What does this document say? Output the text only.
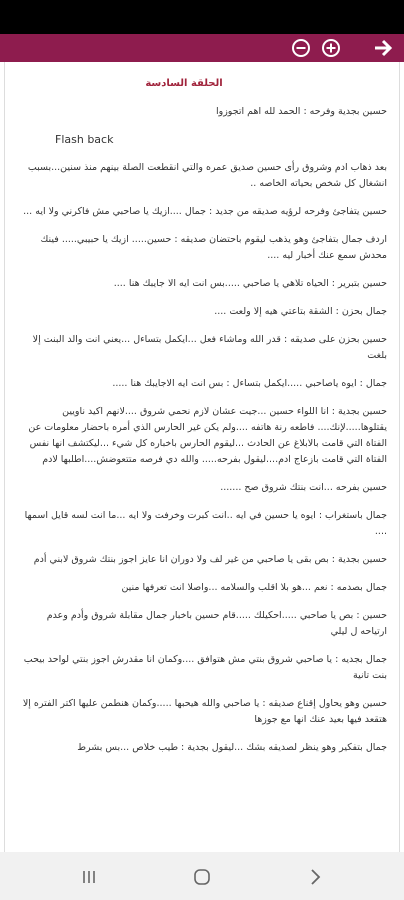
الحلقة السادسة
حسين بجدية وفرحه : الحمد لله اهم اتجوزوا
Flash back
بعد ذهاب ادم وشروق رأى حسين صديق عمره والتي انقطعت الصلة بينهم منذ سنين...بسبب انشغال كل شخص بحياته الخاصه ..
حسين يتفاجئ وفرحه لرؤيه صديقه من جديد : جمال ....ازيك يا صاحبي مش فاكرني ولا ايه ...
اردف جمال بتفاجئ وهو يذهب ليقوم باحتضان صديقه : حسين..... ازيك يا حبيبي..... فينك محدش سمع عنك أخبار ليه ....
حسين بتبرير : الحياه تلاهي يا صاحبي .....بس انت ايه الا جايبك هنا ....
جمال بحزن : الشقة بتاعتي هيه إلا ولعت ....
حسين بحزن على صديقه : قدر الله وماشاء فعل ...ايكمل بتساءل ...يعني انت والد البنت إلا بلغت
جمال : ايوه ياصاحبي .....ايكمل بتساءل : بس انت ايه الاجايبك هنا .....
حسين بجدية : انا اللواء حسين ...جيت عشان لازم نحمي شروق ....لانهم اكيد ناويين يقتلوها.....لإنك.... فاطعه رنة هاتفه ....ولم يكن غير الحارس الذي أمره باحضار معلومات عن الفتاة التي قامت بالابلاغ عن الحادث ...ليقوم الحارس باخباره كل شيء ...ليكتشف انها نفس الفتاة التي قامت بازعاج ادم....ليقول بفرحه..... والله دي فرصه متتعوضش....اطلبها لادم
حسين بفرحه ...انت بنتك شروق صح .......
جمال باستغراب : ايوه يا حسين في ايه ..انت كبرت وخرفت ولا ايه ...ما انت لسه قايل اسمها ....
حسين بجدية : بص بقى يا صاحبي من غير لف ولا دوران انا عايز اجوز بنتك شروق لابني أدم
جمال بصدمه : نعم ...هو بلا اقلب والسلامه ...واصلا انت تعرفها منين
حسين : بص يا صاحبي .....احكيلك .....قام حسين باخبار جمال مقابلة شروق وأدم وعدم ارتياحه ل ليلي
جمال بجديه : يا صاحبي شروق بنتي مش هتوافق ....وكمان انا مقدرش اجوز بنتي لواحد بيحب بنت تانية
حسين وهو يحاول إقناع صديقه : يا صاحبي والله هيحبها .....وكمان هنطمن عليها اكتر الفتره إلا هتقعد فيها بعيد عنك انها مع جوزها
جمال بتفكير وهو ينظر لصديقه بشك ...ليقول بجدية : طيب خلاص ...بس بشرط
